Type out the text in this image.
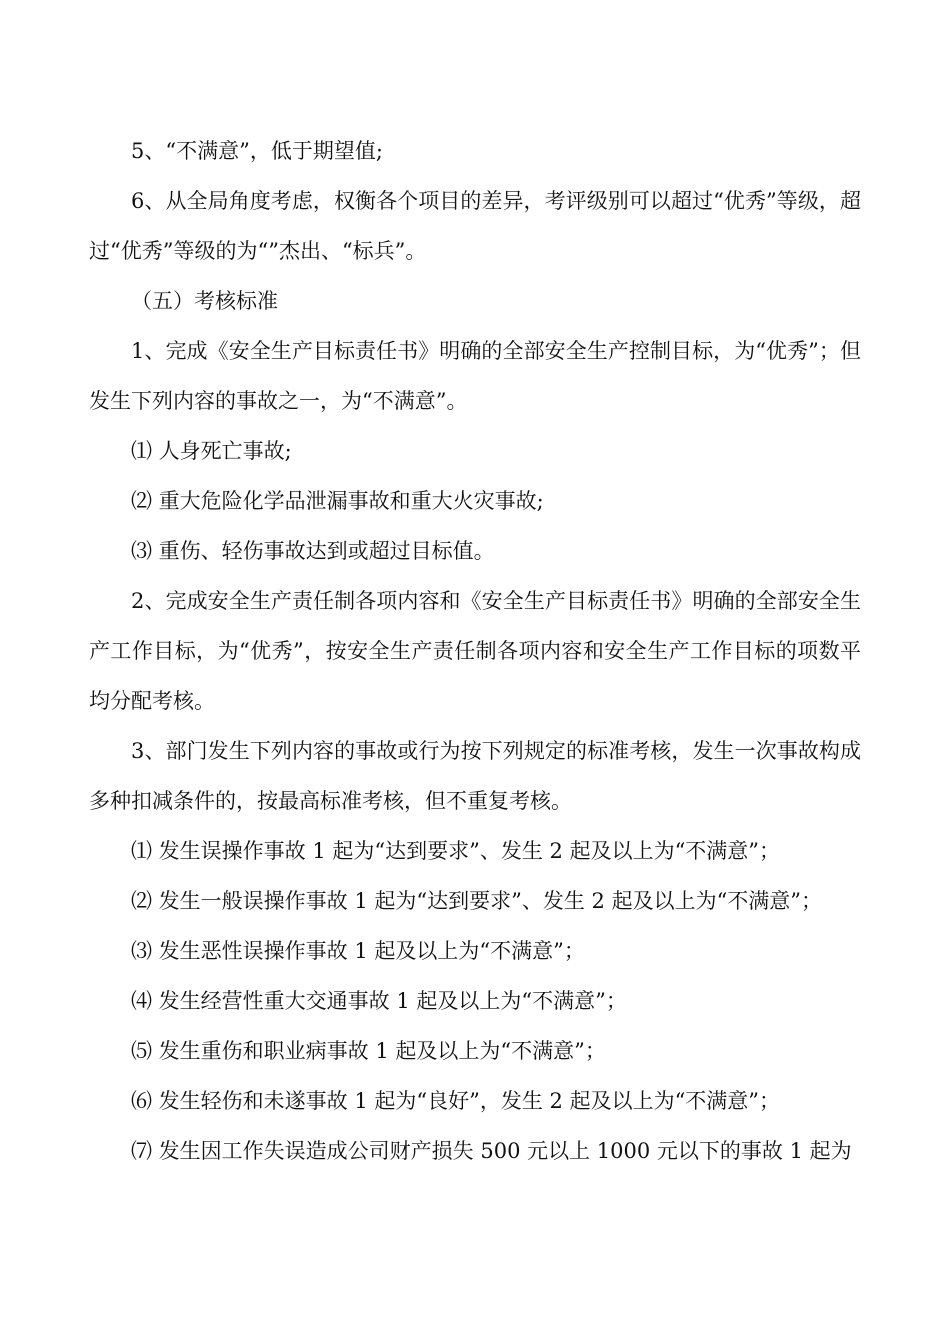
5、“不满意”，低于期望值;

6、从全局角度考虑，权衡各个项目的差异，考评级别可以超过“优秀”等级，超过“优秀”等级的为“”杰出、“标兵”。

（五）考核标准

1、完成《安全生产目标责任书》明确的全部安全生产控制目标，为“优秀”；但发生下列内容的事故之一，为“不满意”。

⑴ 人身死亡事故;

⑵ 重大危险化学品泄漏事故和重大火灾事故;

⑶ 重伤、轻伤事故达到或超过目标值。

2、完成安全生产责任制各项内容和《安全生产目标责任书》明确的全部安全生产工作目标，为“优秀”，按安全生产责任制各项内容和安全生产工作目标的项数平均分配考核。

3、部门发生下列内容的事故或行为按下列规定的标准考核，发生一次事故构成多种扣减条件的，按最高标准考核，但不重复考核。

⑴ 发生误操作事故 1 起为“达到要求”、发生 2 起及以上为“不满意”；

⑵ 发生一般误操作事故 1 起为“达到要求”、发生 2 起及以上为“不满意”；

⑶ 发生恶性误操作事故 1 起及以上为“不满意”；

⑷ 发生经营性重大交通事故 1 起及以上为“不满意”；

⑸ 发生重伤和职业病事故 1 起及以上为“不满意”；

⑹ 发生轻伤和未遂事故 1 起为“良好”，发生 2 起及以上为“不满意”；

⑺ 发生因工作失误造成公司财产损失 500 元以上 1000 元以下的事故 1 起为
